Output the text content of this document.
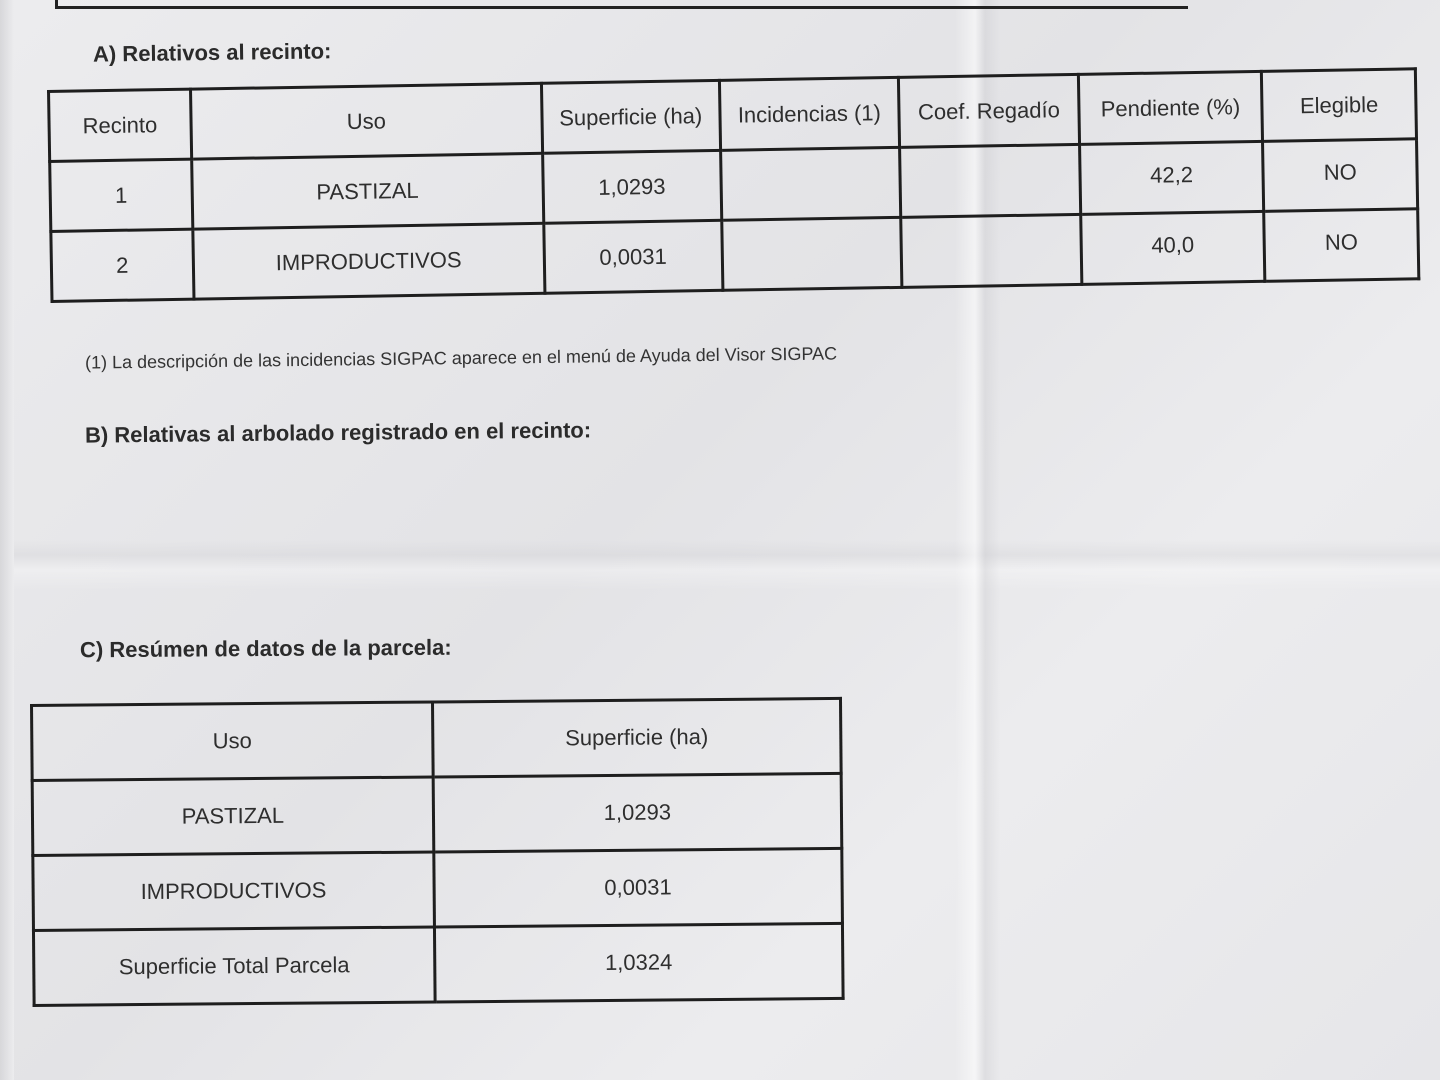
A) Relativos al recinto:
Recinto	Uso	Superficie (ha)	Incidencias (1)	Coef. Regadío	Pendiente (%)	Elegible
1	PASTIZAL	1,0293			42,2	NO
2	IMPRODUCTIVOS	0,0031			40,0	NO
(1) La descripción de las incidencias SIGPAC aparece en el menú de Ayuda del Visor SIGPAC
B) Relativas al arbolado registrado en el recinto:
C) Resúmen de datos de la parcela:
Uso	Superficie (ha)
PASTIZAL	1,0293
IMPRODUCTIVOS	0,0031
Superficie Total Parcela	1,0324
